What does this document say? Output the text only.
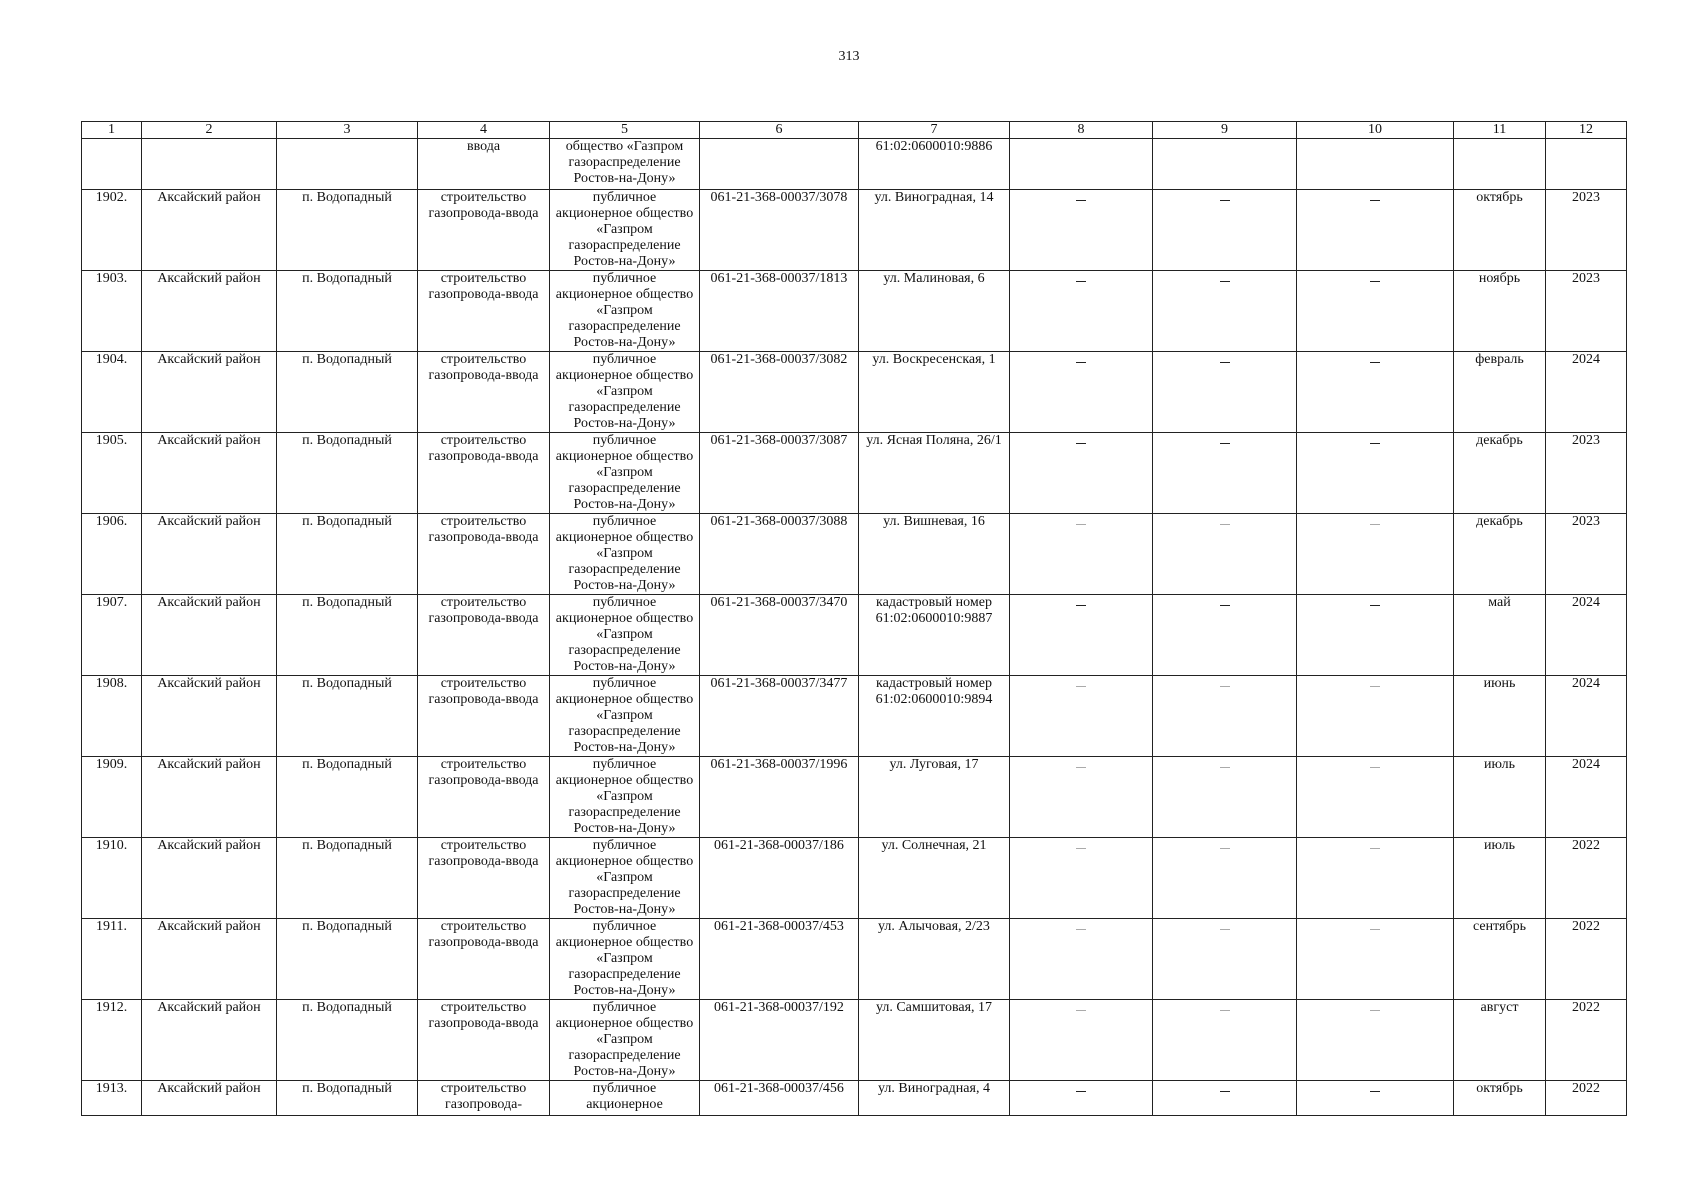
313
1	2	3	4	5	6	7	8	9	10	11	12
			ввода	общество «Газпром газораспределение Ростов-на-Дону»		61:02:0600010:9886					
1902.	Аксайский район	п. Водопадный	строительство газопровода-ввода	публичное акционерное общество «Газпром газораспределение Ростов-на-Дону»	061-21-368-00037/3078	ул. Виноградная, 14				октябрь	2023
1903.	Аксайский район	п. Водопадный	строительство газопровода-ввода	публичное акционерное общество «Газпром газораспределение Ростов-на-Дону»	061-21-368-00037/1813	ул. Малиновая, 6				ноябрь	2023
1904.	Аксайский район	п. Водопадный	строительство газопровода-ввода	публичное акционерное общество «Газпром газораспределение Ростов-на-Дону»	061-21-368-00037/3082	ул. Воскресенская, 1				февраль	2024
1905.	Аксайский район	п. Водопадный	строительство газопровода-ввода	публичное акционерное общество «Газпром газораспределение Ростов-на-Дону»	061-21-368-00037/3087	ул. Ясная Поляна, 26/1				декабрь	2023
1906.	Аксайский район	п. Водопадный	строительство газопровода-ввода	публичное акционерное общество «Газпром газораспределение Ростов-на-Дону»	061-21-368-00037/3088	ул. Вишневая, 16				декабрь	2023
1907.	Аксайский район	п. Водопадный	строительство газопровода-ввода	публичное акционерное общество «Газпром газораспределение Ростов-на-Дону»	061-21-368-00037/3470	кадастровый номер 61:02:0600010:9887				май	2024
1908.	Аксайский район	п. Водопадный	строительство газопровода-ввода	публичное акционерное общество «Газпром газораспределение Ростов-на-Дону»	061-21-368-00037/3477	кадастровый номер 61:02:0600010:9894				июнь	2024
1909.	Аксайский район	п. Водопадный	строительство газопровода-ввода	публичное акционерное общество «Газпром газораспределение Ростов-на-Дону»	061-21-368-00037/1996	ул. Луговая, 17				июль	2024
1910.	Аксайский район	п. Водопадный	строительство газопровода-ввода	публичное акционерное общество «Газпром газораспределение Ростов-на-Дону»	061-21-368-00037/186	ул. Солнечная, 21				июль	2022
1911.	Аксайский район	п. Водопадный	строительство газопровода-ввода	публичное акционерное общество «Газпром газораспределение Ростов-на-Дону»	061-21-368-00037/453	ул. Алычовая, 2/23				сентябрь	2022
1912.	Аксайский район	п. Водопадный	строительство газопровода-ввода	публичное акционерное общество «Газпром газораспределение Ростов-на-Дону»	061-21-368-00037/192	ул. Самшитовая, 17				август	2022
1913.	Аксайский район	п. Водопадный	строительство газопровода-	публичное акционерное	061-21-368-00037/456	ул. Виноградная, 4				октябрь	2022
